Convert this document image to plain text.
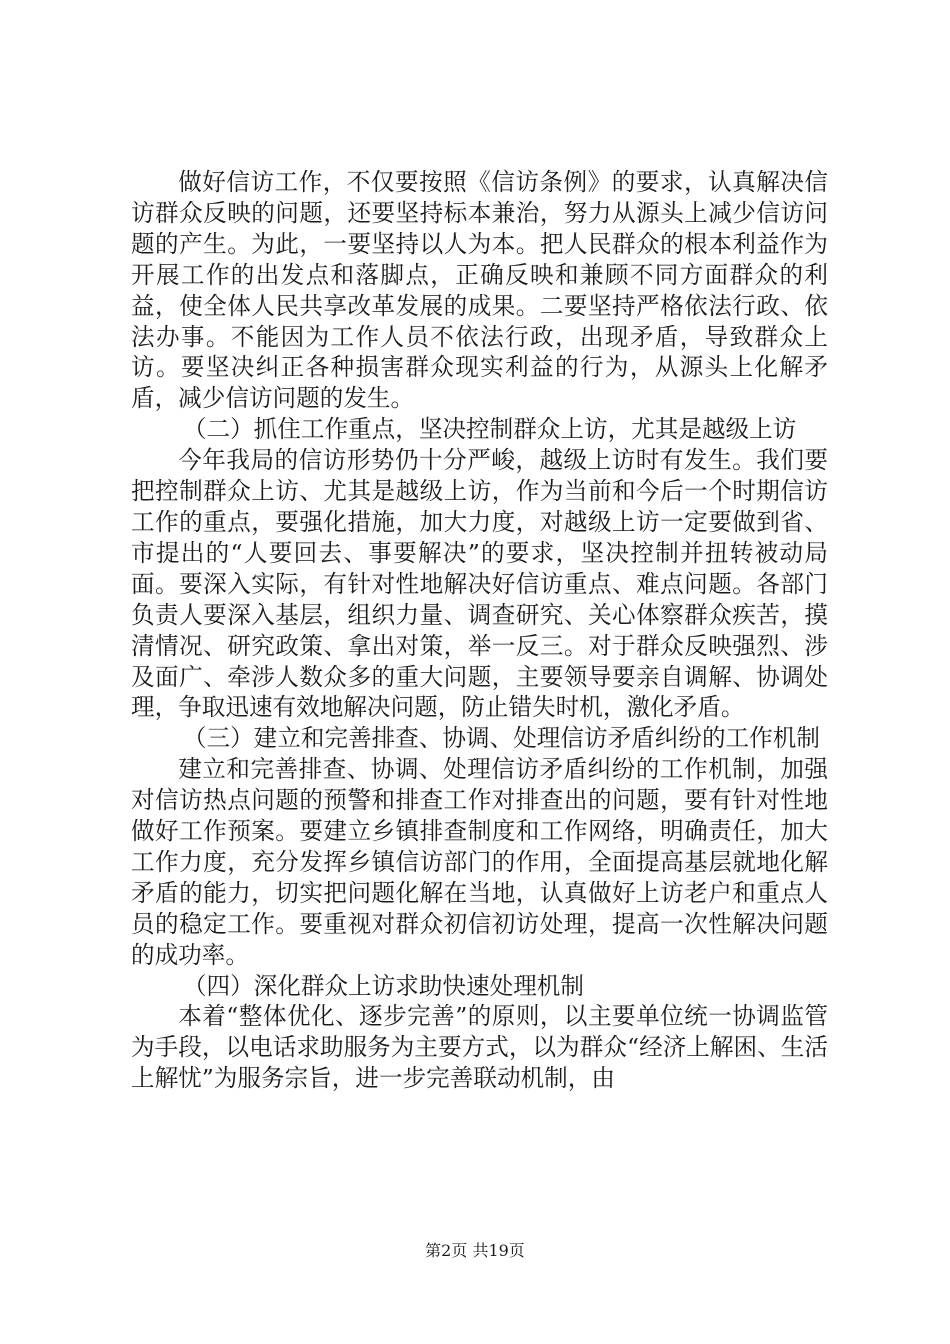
做好信访工作，不仅要按照《信访条例》的要求，认真解决信访群众反映的问题，还要坚持标本兼治，努力从源头上减少信访问题的产生。为此，一要坚持以人为本。把人民群众的根本利益作为开展工作的出发点和落脚点，正确反映和兼顾不同方面群众的利益，使全体人民共享改革发展的成果。二要坚持严格依法行政、依法办事。不能因为工作人员不依法行政，出现矛盾，导致群众上访。要坚决纠正各种损害群众现实利益的行为，从源头上化解矛盾，减少信访问题的发生。

（二）抓住工作重点，坚决控制群众上访，尤其是越级上访

今年我局的信访形势仍十分严峻，越级上访时有发生。我们要把控制群众上访、尤其是越级上访，作为当前和今后一个时期信访工作的重点，要强化措施，加大力度，对越级上访一定要做到省、市提出的“人要回去、事要解决”的要求，坚决控制并扭转被动局面。要深入实际，有针对性地解决好信访重点、难点问题。各部门负责人要深入基层，组织力量、调查研究、关心体察群众疾苦，摸清情况、研究政策、拿出对策，举一反三。对于群众反映强烈、涉及面广、牵涉人数众多的重大问题，主要领导要亲自调解、协调处理，争取迅速有效地解决问题，防止错失时机，激化矛盾。

（三）建立和完善排查、协调、处理信访矛盾纠纷的工作机制

建立和完善排查、协调、处理信访矛盾纠纷的工作机制，加强对信访热点问题的预警和排查工作对排查出的问题，要有针对性地做好工作预案。要建立乡镇排查制度和工作网络，明确责任，加大工作力度，充分发挥乡镇信访部门的作用，全面提高基层就地化解矛盾的能力，切实把问题化解在当地，认真做好上访老户和重点人员的稳定工作。要重视对群众初信初访处理，提高一次性解决问题的成功率。

（四）深化群众上访求助快速处理机制

本着“整体优化、逐步完善”的原则，以主要单位统一协调监管为手段，以电话求助服务为主要方式，以为群众“经济上解困、生活上解忧”为服务宗旨，进一步完善联动机制，由

第2页 共19页
